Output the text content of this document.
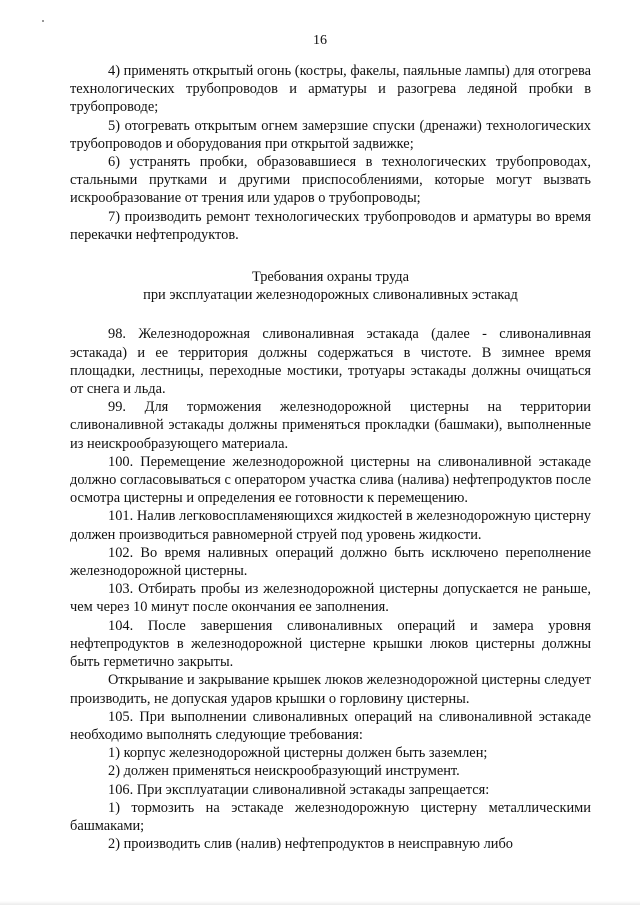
16

4) применять открытый огонь (костры, факелы, паяльные лампы) для отогрева технологических трубопроводов и арматуры и разогрева ледяной пробки в трубопроводе;

5) отогревать открытым огнем замерзшие спуски (дренажи) технологических трубопроводов и оборудования при открытой задвижке;

6) устранять пробки, образовавшиеся в технологических трубопроводах, стальными прутками и другими приспособлениями, которые могут вызвать искрообразование от трения или ударов о трубопроводы;

7) производить ремонт технологических трубопроводов и арматуры во время перекачки нефтепродуктов.

Требования охраны труда
при эксплуатации железнодорожных сливоналивных эстакад

98. Железнодорожная сливоналивная эстакада (далее - сливоналивная эстакада) и ее территория должны содержаться в чистоте. В зимнее время площадки, лестницы, переходные мостики, тротуары эстакады должны очищаться от снега и льда.

99. Для торможения железнодорожной цистерны на территории сливоналивной эстакады должны применяться прокладки (башмаки), выполненные из неискрообразующего материала.

100. Перемещение железнодорожной цистерны на сливоналивной эстакаде должно согласовываться с оператором участка слива (налива) нефтепродуктов после осмотра цистерны и определения ее готовности к перемещению.

101. Налив легковоспламеняющихся жидкостей в железнодорожную цистерну должен производиться равномерной струей под уровень жидкости.

102. Во время наливных операций должно быть исключено переполнение железнодорожной цистерны.

103. Отбирать пробы из железнодорожной цистерны допускается не раньше, чем через 10 минут после окончания ее заполнения.

104. После завершения сливоналивных операций и замера уровня нефтепродуктов в железнодорожной цистерне крышки люков цистерны должны быть герметично закрыты.

Открывание и закрывание крышек люков железнодорожной цистерны следует производить, не допуская ударов крышки о горловину цистерны.

105. При выполнении сливоналивных операций на сливоналивной эстакаде необходимо выполнять следующие требования:

1) корпус железнодорожной цистерны должен быть заземлен;

2) должен применяться неискрообразующий инструмент.

106. При эксплуатации сливоналивной эстакады запрещается:

1) тормозить на эстакаде железнодорожную цистерну металлическими башмаками;

2) производить слив (налив) нефтепродуктов в неисправную либо
